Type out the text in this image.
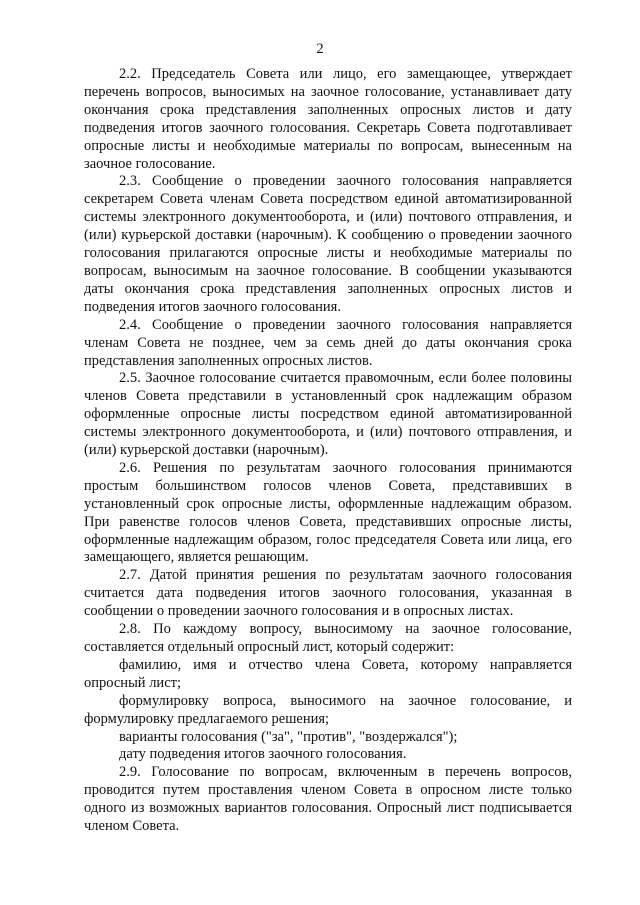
2

2.2. Председатель Совета или лицо, его замещающее, утверждает перечень вопросов, выносимых на заочное голосование, устанавливает дату окончания срока представления заполненных опросных листов и дату подведения итогов заочного голосования. Секретарь Совета подготавливает опросные листы и необходимые материалы по вопросам, вынесенным на заочное голосование.

2.3. Сообщение о проведении заочного голосования направляется секретарем Совета членам Совета посредством единой автоматизированной системы электронного документооборота, и (или) почтового отправления, и (или) курьерской доставки (нарочным). К сообщению о проведении заочного голосования прилагаются опросные листы и необходимые материалы по вопросам, выносимым на заочное голосование. В сообщении указываются даты окончания срока представления заполненных опросных листов и подведения итогов заочного голосования.

2.4. Сообщение о проведении заочного голосования направляется членам Совета не позднее, чем за семь дней до даты окончания срока представления заполненных опросных листов.

2.5. Заочное голосование считается правомочным, если более половины членов Совета представили в установленный срок надлежащим образом оформленные опросные листы посредством единой автоматизированной системы электронного документооборота, и (или) почтового отправления, и (или) курьерской доставки (нарочным).

2.6. Решения по результатам заочного голосования принимаются простым большинством голосов членов Совета, представивших в установленный срок опросные листы, оформленные надлежащим образом. При равенстве голосов членов Совета, представивших опросные листы, оформленные надлежащим образом, голос председателя Совета или лица, его замещающего, является решающим.

2.7. Датой принятия решения по результатам заочного голосования считается дата подведения итогов заочного голосования, указанная в сообщении о проведении заочного голосования и в опросных листах.

2.8. По каждому вопросу, выносимому на заочное голосование, составляется отдельный опросный лист, который содержит:

фамилию, имя и отчество члена Совета, которому направляется опросный лист;

формулировку вопроса, выносимого на заочное голосование, и формулировку предлагаемого решения;

варианты голосования ("за", "против", "воздержался");

дату подведения итогов заочного голосования.

2.9. Голосование по вопросам, включенным в перечень вопросов, проводится путем проставления членом Совета в опросном листе только одного из возможных вариантов голосования. Опросный лист подписывается членом Совета.
